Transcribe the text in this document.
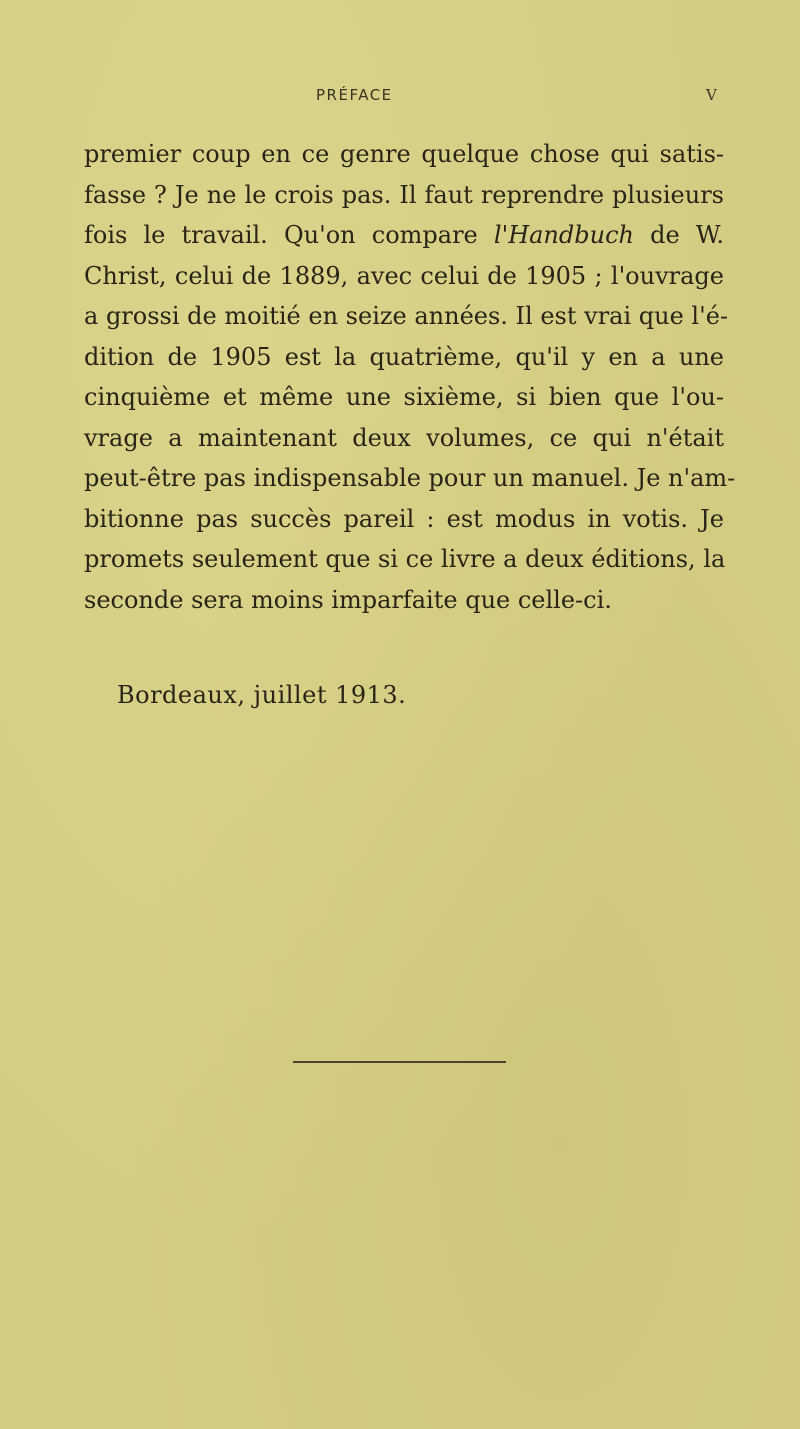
PRÉFACE	V
premier coup en ce genre quelque chose qui satis-
fasse ? Je ne le crois pas. Il faut reprendre plusieurs
fois le travail. Qu'on compare l'Handbuch de W.
Christ, celui de 1889, avec celui de 1905 ; l'ouvrage
a grossi de moitié en seize années. Il est vrai que l'é-
dition de 1905 est la quatrième, qu'il y en a une
cinquième et même une sixième, si bien que l'ou-
vrage a maintenant deux volumes, ce qui n'était
peut-être pas indispensable pour un manuel. Je n'am-
bitionne pas succès pareil : est modus in votis. Je
promets seulement que si ce livre a deux éditions, la
seconde sera moins imparfaite que celle-ci.
Bordeaux, juillet 1913.
